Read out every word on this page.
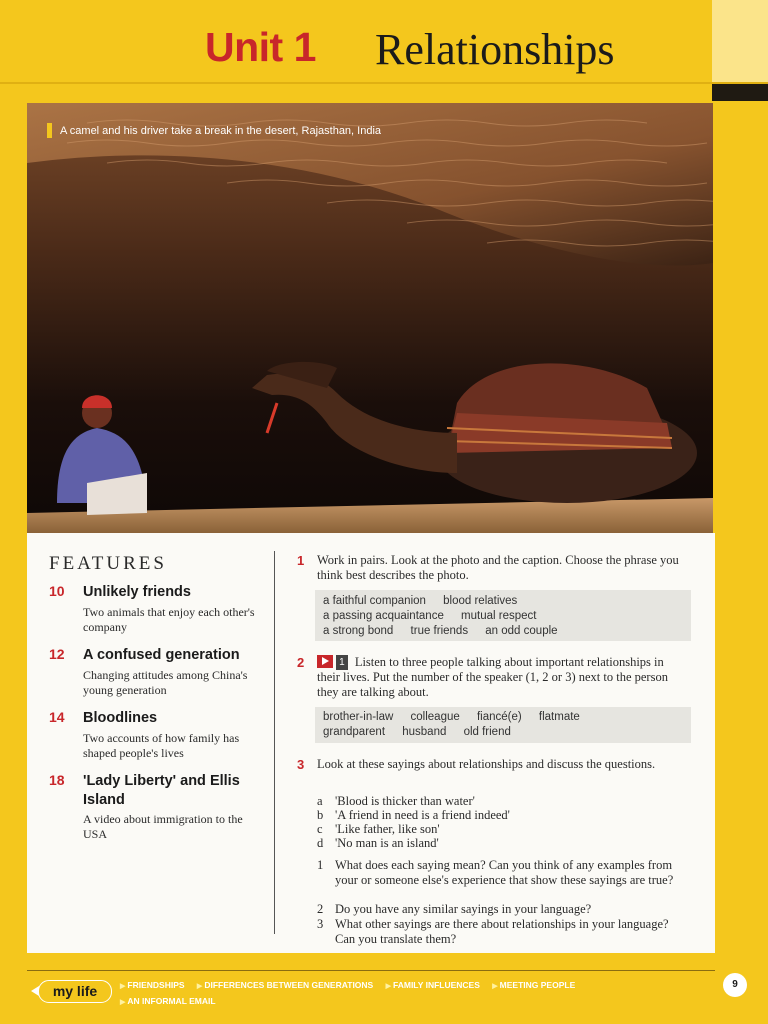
Unit 1 Relationships
A camel and his driver take a break in the desert, Rajasthan, India
FEATURES
10 Unlikely friends
Two animals that enjoy each other's company
12 A confused generation
Changing attitudes among China's young generation
14 Bloodlines
Two accounts of how family has shaped people's lives
18 'Lady Liberty' and Ellis Island
A video about immigration to the USA
1 Work in pairs. Look at the photo and the caption. Choose the phrase you think best describes the photo.
a faithful companion blood relatives
a passing acquaintance mutual respect
a strong bond true friends an odd couple
2	1 Listen to three people talking about important relationships in their lives. Put the number of the speaker (1, 2 or 3) next to the person they are talking about.
brother-in-law colleague fiancé(e) flatmate
grandparent husband old friend
3 Look at these sayings about relationships and discuss the questions.
a 'Blood is thicker than water'
b 'A friend in need is a friend indeed'
c 'Like father, like son'
d 'No man is an island'
1 What does each saying mean? Can you think of any examples from your or someone else's experience that show these sayings are true?
2 Do you have any similar sayings in your language?
3 What other sayings are there about relationships in your language? Can you translate them?
my life	▶ FRIENDSHIPS ▶ DIFFERENCES BETWEEN GENERATIONS ▶ FAMILY INFLUENCES ▶ MEETING PEOPLE ▶ AN INFORMAL EMAIL
9
